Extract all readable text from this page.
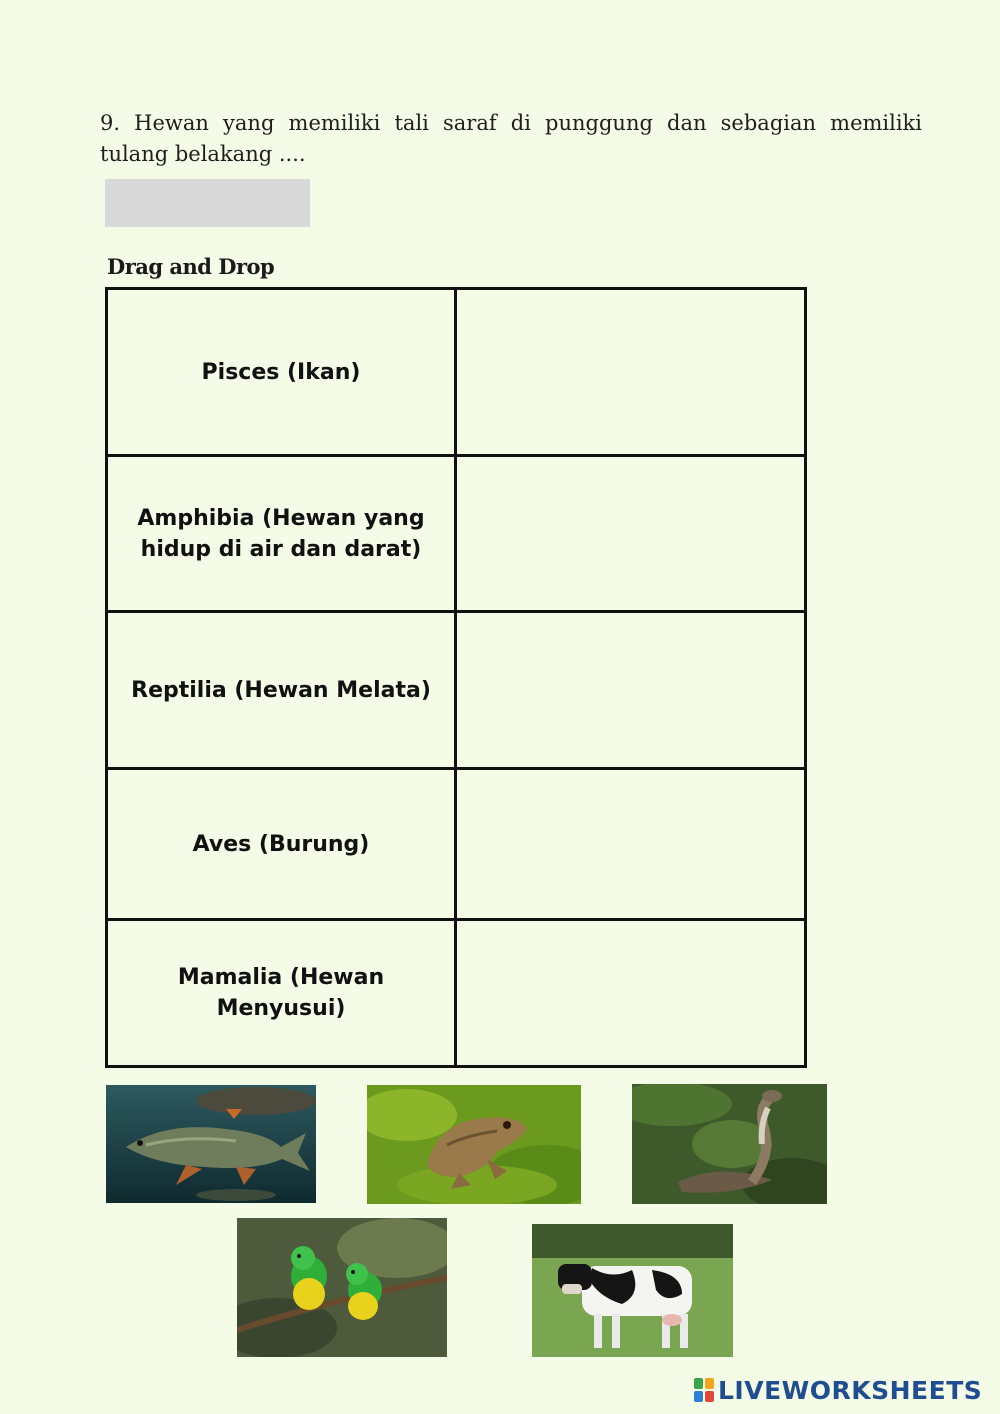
9. Hewan yang memiliki tali saraf di punggung dan sebagian memiliki tulang belakang ....
Drag and Drop
Pisces (Ikan)
Amphibia (Hewan yang hidup di air dan darat)
Reptilia (Hewan Melata)
Aves (Burung)
Mamalia (Hewan Menyusui)
LIVEWORKSHEETS
